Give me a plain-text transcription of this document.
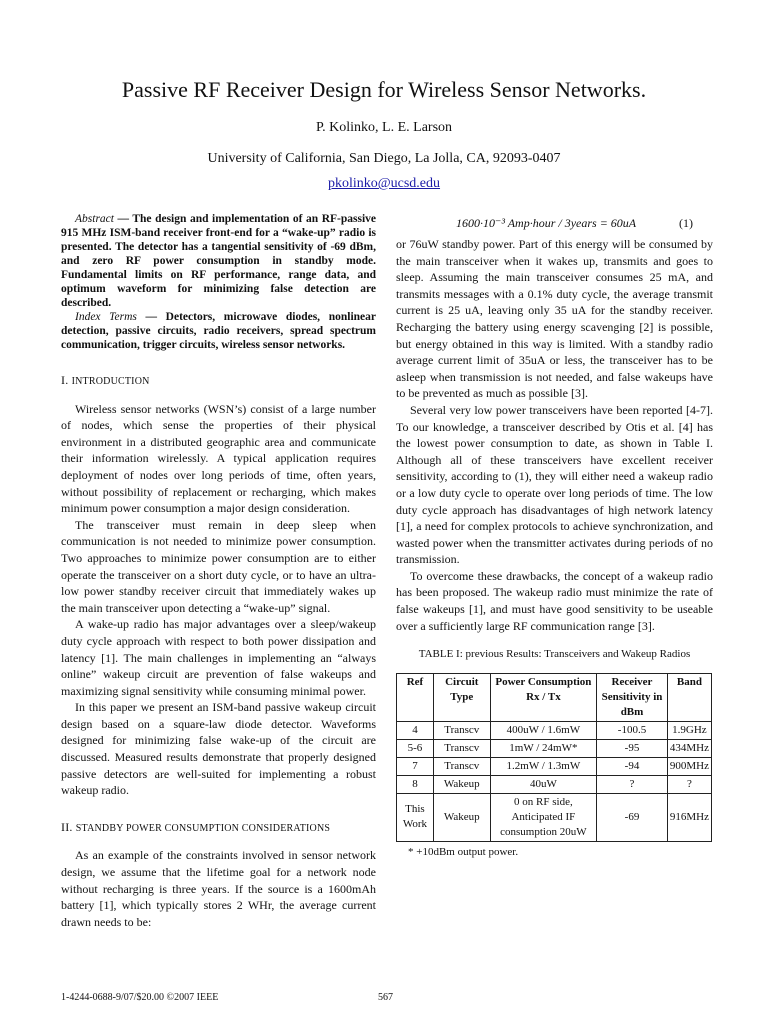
Passive RF Receiver Design for Wireless Sensor Networks.
P. Kolinko, L. E. Larson
University of California, San Diego, La Jolla, CA, 92093-0407
pkolinko@ucsd.edu

Abstract — The design and implementation of an RF-passive 915 MHz ISM-band receiver front-end for a “wake-up” radio is presented. The detector has a tangential sensitivity of -69 dBm, and zero RF power consumption in standby mode. Fundamental limits on RF performance, range data, and optimum waveform for minimizing false detection are described.

Index Terms — Detectors, microwave diodes, nonlinear detection, passive circuits, radio receivers, spread spectrum communication, trigger circuits, wireless sensor networks.

I. INTRODUCTION

Wireless sensor networks (WSN’s) consist of a large number of nodes, which sense the properties of their physical environment in a distributed geographic area and communicate their information wirelessly. A typical application requires deployment of nodes over long periods of time, often years, without possibility of replacement or recharging, which makes minimum power consumption a major design consideration.

The transceiver must remain in deep sleep when communication is not needed to minimize power consumption. Two approaches to minimize power consumption are to either operate the transceiver on a short duty cycle, or to have an ultra-low power standby receiver circuit that immediately wakes up the main transceiver upon detecting a “wake-up” signal.

A wake-up radio has major advantages over a sleep/wakeup duty cycle approach with respect to both power dissipation and latency [1]. The main challenges in implementing an “always online” wakeup circuit are prevention of false wakeups and maximizing signal sensitivity while consuming minimal power.

In this paper we present an ISM-band passive wakeup circuit design based on a square-law diode detector. Waveforms designed for minimizing false wake-up of the circuit are discussed. Measured results demonstrate that properly designed passive detectors are well-suited for implementing a robust wakeup radio.

II. STANDBY POWER CONSUMPTION CONSIDERATIONS

As an example of the constraints involved in sensor network design, we assume that the lifetime goal for a network node without recharging is three years. If the source is a 1600mAh battery [1], which typically stores 2 WHr, the average current drawn needs to be:

1600·10⁻³ Amp·hour / 3years = 60uA	(1)

or 76uW standby power. Part of this energy will be consumed by the main transceiver when it wakes up, transmits and goes to sleep. Assuming the main transceiver consumes 25 mA, and transmits messages with a 0.1% duty cycle, the average transmit current is 25 uA, leaving only 35 uA for the standby receiver. Recharging the battery using energy scavenging [2] is possible, but energy obtained in this way is limited. With a standby radio average current limit of 35uA or less, the transceiver has to be asleep when transmission is not needed, and false wakeups have to be prevented as much as possible [3].

Several very low power transceivers have been reported [4-7]. To our knowledge, a transceiver described by Otis et al. [4] has the lowest power consumption to date, as shown in Table I. Although all of these transceivers have excellent receiver sensitivity, according to (1), they will either need a wakeup radio or a low duty cycle to operate over long periods of time. The low duty cycle approach has disadvantages of high network latency [1], a need for complex protocols to achieve synchronization, and wasted power when the transmitter activates during periods of no transmission.

To overcome these drawbacks, the concept of a wakeup radio has been proposed. The wakeup radio must minimize the rate of false wakeups [1], and must have good sensitivity to be useable over a sufficiently large RF communication range [3].

TABLE I: previous Results: Transceivers and Wakeup Radios
Ref	Circuit Type	Power Consumption Rx / Tx	Receiver Sensitivity in dBm	Band
4	Transcv	400uW / 1.6mW	-100.5	1.9GHz
5-6	Transcv	1mW / 24mW*	-95	434MHz
7	Transcv	1.2mW / 1.3mW	-94	900MHz
8	Wakeup	40uW	?	?
This Work	Wakeup	0 on RF side, Anticipated IF consumption 20uW	-69	916MHz
* +10dBm output power.
1-4244-0688-9/07/$20.00 ©2007 IEEE	567
